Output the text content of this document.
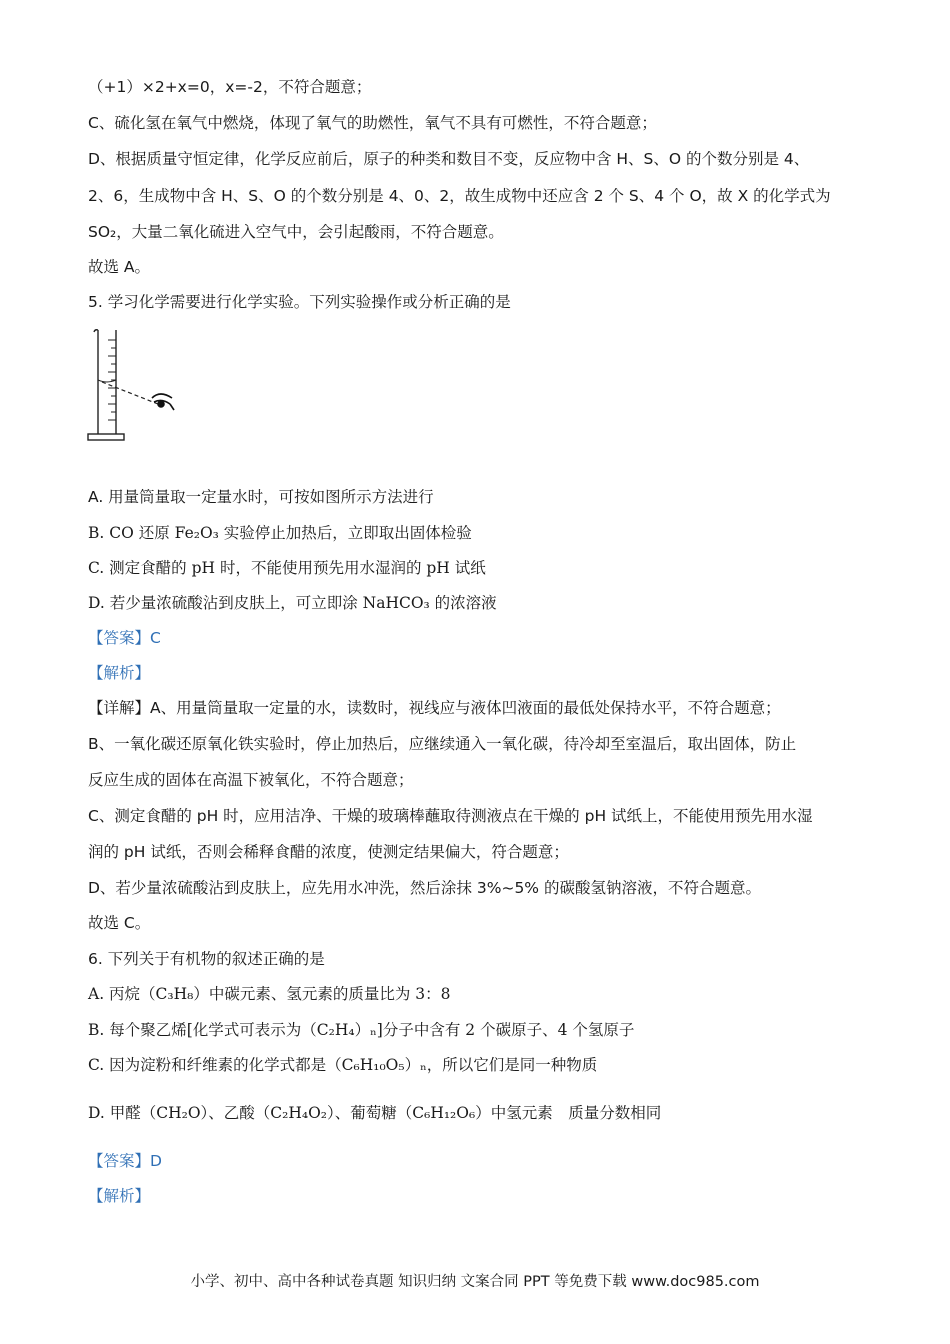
（+1）×2+x=0，x=-2，不符合题意；
C、硫化氢在氧气中燃烧，体现了氧气的助燃性，氧气不具有可燃性，不符合题意；
D、根据质量守恒定律，化学反应前后，原子的种类和数目不变，反应物中含 H、S、O 的个数分别是 4、
2、6，生成物中含 H、S、O 的个数分别是 4、0、2，故生成物中还应含 2 个 S、4 个 O，故 X 的化学式为
SO₂，大量二氧化硫进入空气中，会引起酸雨，不符合题意。
故选 A。
5. 学习化学需要进行化学实验。下列实验操作或分析正确的是
A. 用量筒量取一定量水时，可按如图所示方法进行
B. CO 还原 Fe₂O₃ 实验停止加热后，立即取出固体检验
C. 测定食醋的 pH 时，不能使用预先用水湿润的 pH 试纸
D. 若少量浓硫酸沾到皮肤上，可立即涂 NaHCO₃ 的浓溶液
【答案】C
【解析】
【详解】A、用量筒量取一定量的水，读数时，视线应与液体凹液面的最低处保持水平，不符合题意；
B、一氧化碳还原氧化铁实验时，停止加热后，应继续通入一氧化碳，待冷却至室温后，取出固体，防止
反应生成的固体在高温下被氧化，不符合题意；
C、测定食醋的 pH 时，应用洁净、干燥的玻璃棒蘸取待测液点在干燥的 pH 试纸上，不能使用预先用水湿
润的 pH 试纸，否则会稀释食醋的浓度，使测定结果偏大，符合题意；
D、若少量浓硫酸沾到皮肤上，应先用水冲洗，然后涂抹 3%~5% 的碳酸氢钠溶液，不符合题意。
故选 C。
6. 下列关于有机物的叙述正确的是
A. 丙烷（C₃H₈）中碳元素、氢元素的质量比为 3：8
B. 每个聚乙烯[化学式可表示为（C₂H₄）ₙ]分子中含有 2 个碳原子、4 个氢原子
C. 因为淀粉和纤维素的化学式都是（C₆H₁₀O₅）ₙ，所以它们是同一种物质
D. 甲醛（CH₂O）、乙酸（C₂H₄O₂）、葡萄糖（C₆H₁₂O₆）中氢元素　质量分数相同
【答案】D
【解析】
小学、初中、高中各种试卷真题 知识归纳 文案合同 PPT 等免费下载 www.doc985.com
